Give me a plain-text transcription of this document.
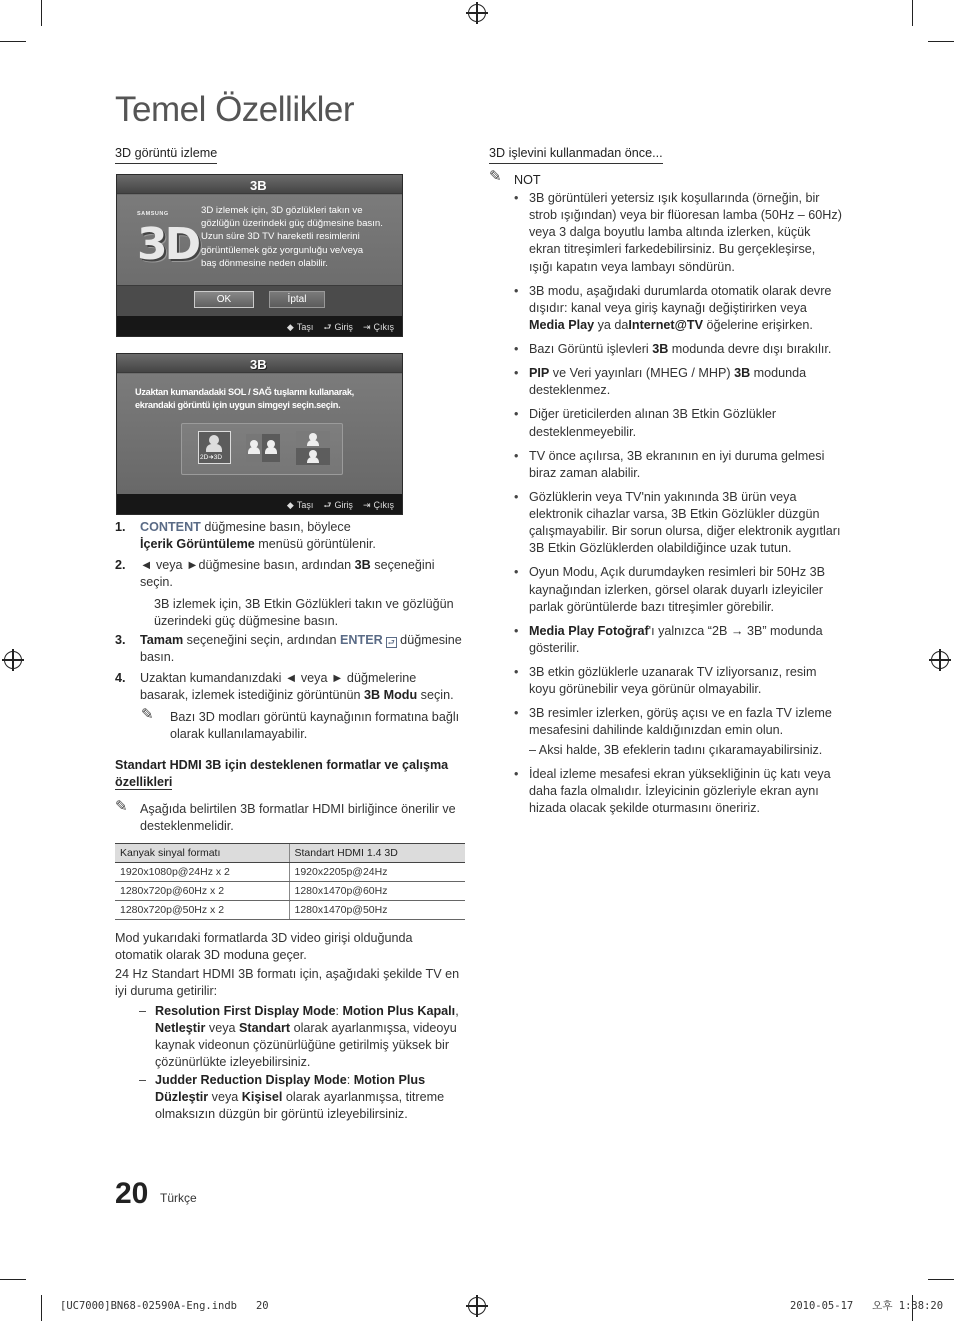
Temel Özellikler
3D görüntü izleme
3B
SAMSUNG
3D
3D izlemek için, 3D gözlükleri takın ve
gözlüğün üzerindeki güç düğmesine basın.
Uzun süre 3D TV hareketli resimlerini
görüntülemek göz yorgunluğu ve/veya
baş dönmesine neden olabilir.
OK	İptal
◆ Taşı ⮐ Giriş ⇥ Çıkış
3B
Uzaktan kumandadaki SOL / SAĞ tuşlarını kullanarak,
ekrandaki görüntü için uygun simgeyi seçin.seçin.
2D➜3D
◆ Taşı ⮐ Giriş ⇥ Çıkış
1. CONTENT düğmesine basın, böylece
İçerik Görüntüleme menüsü görüntülenir.
2. ◄ veya ►düğmesine basın, ardından 3B seçeneğini seçin.
3B izlemek için, 3B Etkin Gözlükleri takın ve gözlüğün üzerindeki güç düğmesine basın.
3. Tamam seçeneğini seçin, ardından ENTER ⮐ düğmesine basın.
4. Uzaktan kumandanızdaki ◄ veya ► düğmelerine basarak, izlemek istediğiniz görüntünün 3B Modu seçin.
✎ Bazı 3D modları görüntü kaynağının formatına bağlı olarak kullanılamayabilir.
Standart HDMI 3B için desteklenen formatlar ve çalışma
özellikleri
✎ Aşağıda belirtilen 3B formatlar HDMI birliğince önerilir ve desteklenmelidir.
Kanyak sinyal formatı	Standart HDMI 1.4 3D
1920x1080p@24Hz x 2	1920x2205p@24Hz
1280x720p@60Hz x 2	1280x1470p@60Hz
1280x720p@50Hz x 2	1280x1470p@50Hz
Mod yukarıdaki formatlarda 3D video girişi olduğunda otomatik olarak 3D moduna geçer.
24 Hz Standart HDMI 3B formatı için, aşağıdaki şekilde TV en iyi duruma getirilir:
– Resolution First Display Mode: Motion Plus Kapalı, Netleştir veya Standart olarak ayarlanmışsa, videoyu kaynak videonun çözünürlüğüne getirilmiş yüksek bir çözünürlükte izleyebilirsiniz.
– Judder Reduction Display Mode: Motion Plus Düzleştir veya Kişisel olarak ayarlanmışsa, titreme olmaksızın düzgün bir görüntü izleyebilirsiniz.
3D işlevini kullanmadan önce...
✎ NOT
• 3B görüntüleri yetersiz ışık koşullarında (örneğin, bir strob ışığından) veya bir flüoresan lamba (50Hz – 60Hz) veya 3 dalga boyutlu lamba altında izlerken, küçük ekran titreşimleri farkedebilirsiniz. Bu gerçekleşirse, ışığı kapatın veya lambayı söndürün.
• 3B modu, aşağıdaki durumlarda otomatik olarak devre dışıdır: kanal veya giriş kaynağı değiştirirken veya Media Play ya daInternet@TV öğelerine erişirken.
• Bazı Görüntü işlevleri 3B modunda devre dışı bırakılır.
• PIP ve Veri yayınları (MHEG / MHP) 3B modunda desteklenmez.
• Diğer üreticilerden alınan 3B Etkin Gözlükler desteklenmeyebilir.
• TV önce açılırsa, 3B ekranının en iyi duruma gelmesi biraz zaman alabilir.
• Gözlüklerin veya TV'nin yakınında 3B ürün veya elektronik cihazlar varsa, 3B Etkin Gözlükler düzgün çalışmayabilir. Bir sorun olursa, diğer elektronik aygıtları 3B Etkin Gözlüklerden olabildiğince uzak tutun.
• Oyun Modu, Açık durumdayken resimleri bir 50Hz 3B kaynağından izlerken, görsel olarak duyarlı izleyiciler parlak görüntülerde bazı titreşimler görebilir.
• Media Play Fotoğraf'ı yalnızca “2B → 3B” modunda gösterilir.
• 3B etkin gözlüklerle uzanarak TV izliyorsanız, resim koyu görünebilir veya görünür olmayabilir.
• 3B resimler izlerken, görüş açısı ve en fazla TV izleme mesafesini dahilinde kaldığınızdan emin olun.
– Aksi halde, 3B efeklerin tadını çıkaramayabilirsiniz.
• İdeal izleme mesafesi ekran yüksekliğinin üç katı veya daha fazla olmalıdır. İzleyicinin gözleriyle ekran aynı hizada olacak şekilde oturmasını öneririz.
20 Türkçe
[UC7000]BN68-02590A-Eng.indb   20	2010-05-17   오후 1:38:20
